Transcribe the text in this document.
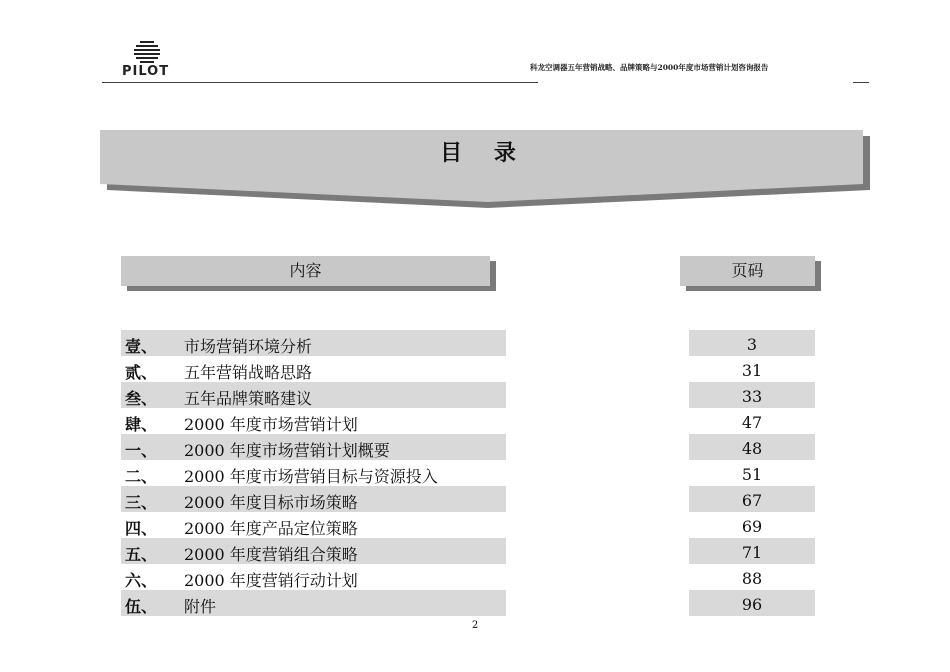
PILOT	科龙空调器五年营销战略、品牌策略与2000年度市场营销计划咨询报告
目 录
内容	页码
壹、 市场营销环境分析	3
贰、 五年营销战略思路	31
叁、 五年品牌策略建议	33
肆、 2000 年度市场营销计划	47
一、 2000 年度市场营销计划概要	48
二、 2000 年度市场营销目标与资源投入	51
三、 2000 年度目标市场策略	67
四、 2000 年度产品定位策略	69
五、 2000 年度营销组合策略	71
六、 2000 年度营销行动计划	88
伍、 附件	96
2
